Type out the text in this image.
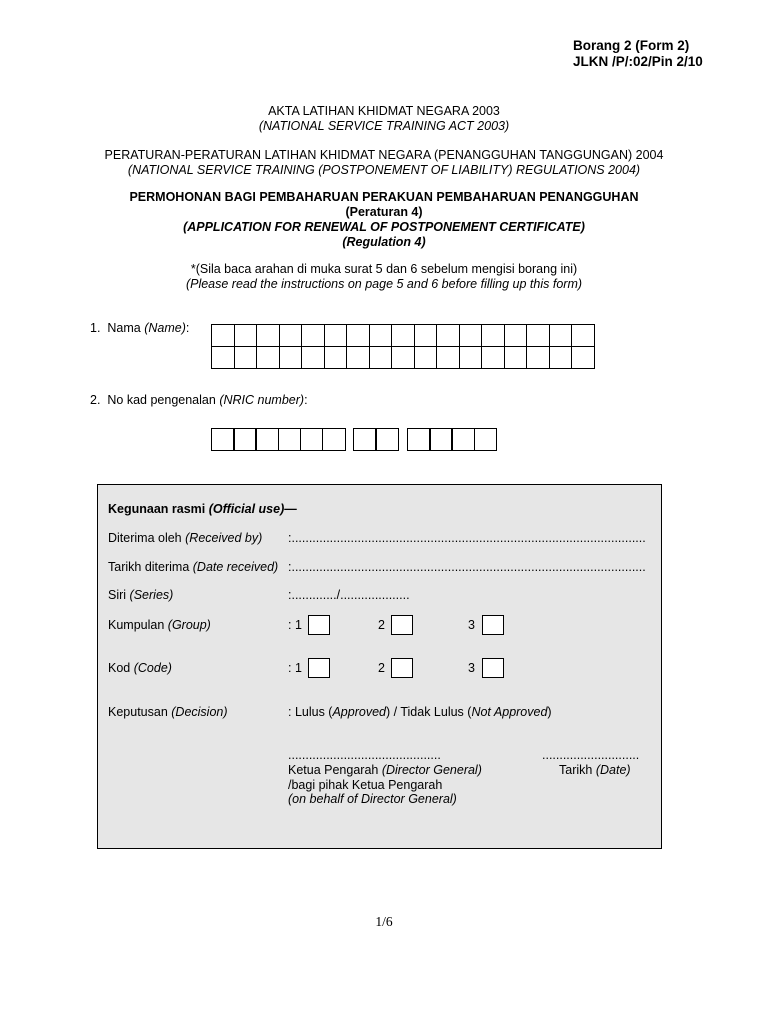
Borang 2 (Form 2)
JLKN /P/:02/Pin 2/10
AKTA LATIHAN KHIDMAT NEGARA 2003
(NATIONAL SERVICE TRAINING ACT 2003)
PERATURAN-PERATURAN LATIHAN KHIDMAT NEGARA (PENANGGUHAN TANGGUNGAN) 2004
(NATIONAL SERVICE TRAINING (POSTPONEMENT OF LIABILITY) REGULATIONS 2004)
PERMOHONAN BAGI PEMBAHARUAN PERAKUAN PEMBAHARUAN PENANGGUHAN
(Peraturan 4)
(APPLICATION FOR RENEWAL OF POSTPONEMENT CERTIFICATE)
(Regulation 4)
*(Sila baca arahan di muka surat 5 dan 6 sebelum mengisi borang ini)
(Please read the instructions on page 5 and 6 before filling up this form)
1. Nama (Name):

2. No kad pengenalan (NRIC number):
Kegunaan rasmi (Official use)—
Diterima oleh (Received by) :......................................................................................................
Tarikh diterima (Date received) :......................................................................................................
Siri (Series)	:............./....................
Kumpulan (Group)	: 1	2	3
Kod (Code)	: 1	2	3
Keputusan (Decision)	: Lulus (Approved) / Tidak Lulus (Not Approved)
............................................	............................
Ketua Pengarah (Director General)	Tarikh (Date)
/bagi pihak Ketua Pengarah
(on behalf of Director General)
1/6
